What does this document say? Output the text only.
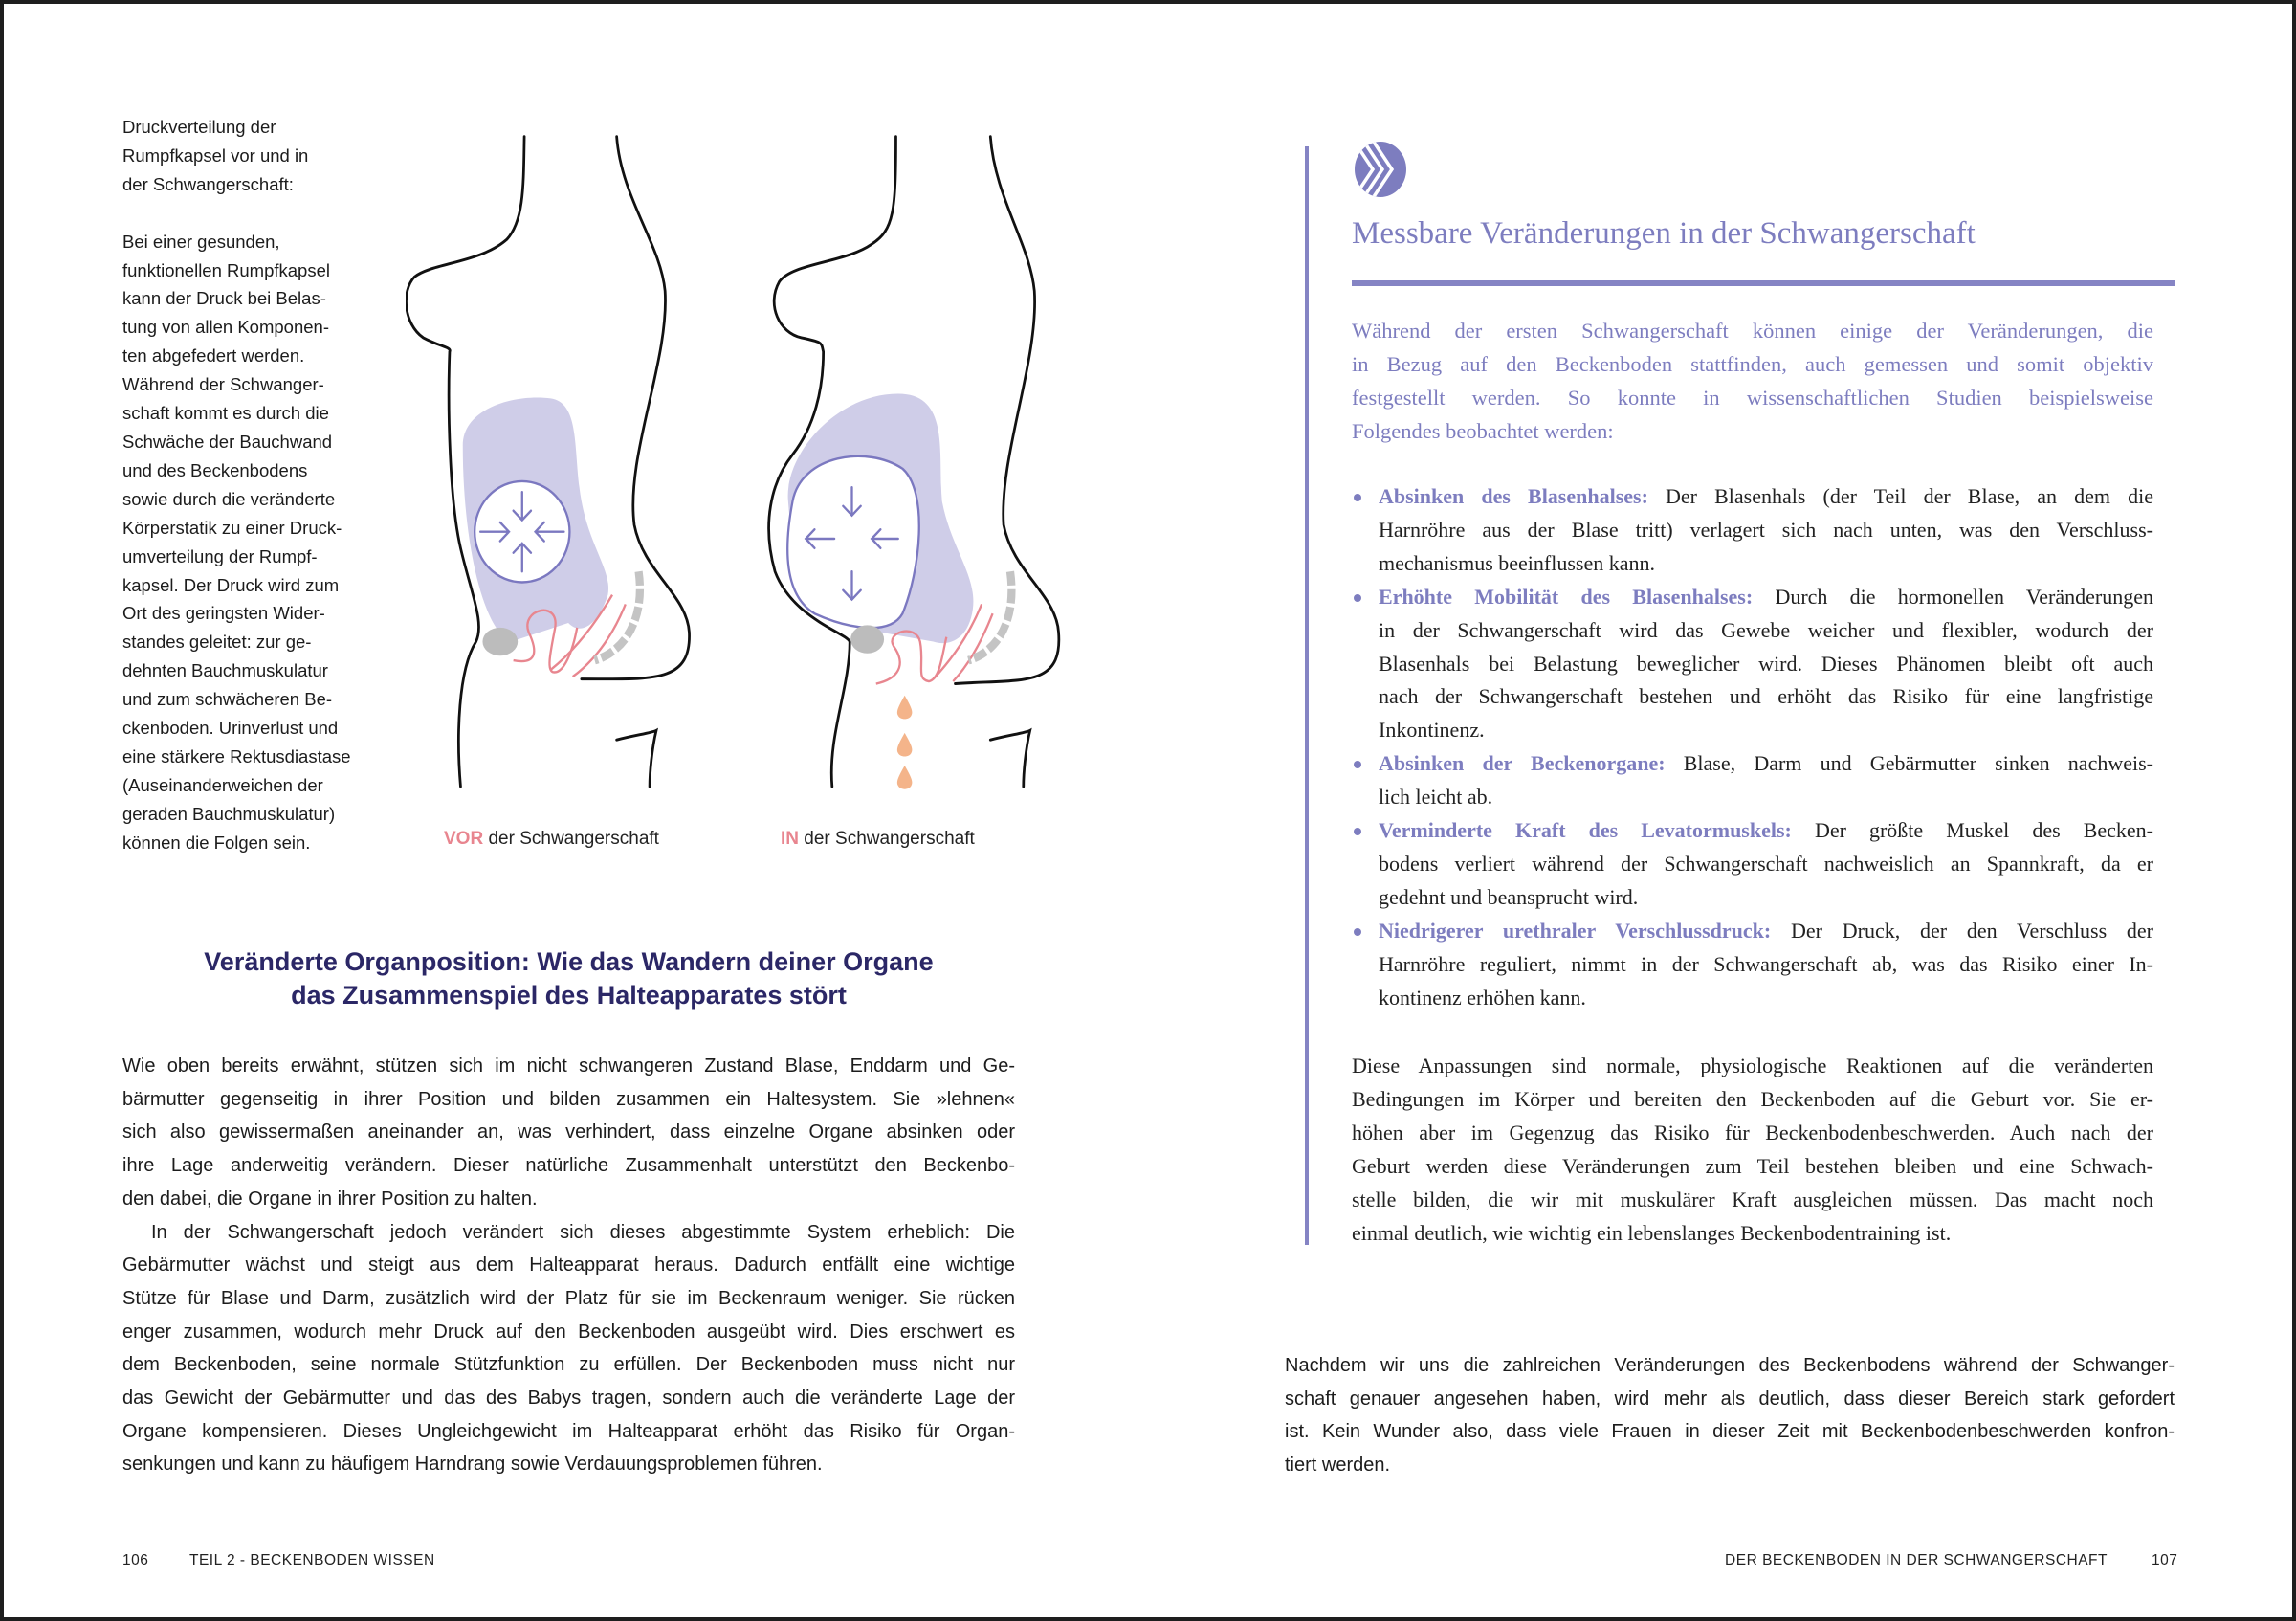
Druckverteilung der
Rumpfkapsel vor und in
der Schwangerschaft:

Bei einer gesunden,
funktionellen Rumpfkapsel
kann der Druck bei Belas-
tung von allen Komponen-
ten abgefedert werden.
Während der Schwanger-
schaft kommt es durch die
Schwäche der Bauchwand
und des Beckenbodens
sowie durch die veränderte
Körperstatik zu einer Druck-
umverteilung der Rumpf-
kapsel. Der Druck wird zum
Ort des geringsten Wider-
standes geleitet: zur ge-
dehnten Bauchmuskulatur
und zum schwächeren Be-
ckenboden. Urinverlust und
eine stärkere Rektusdiastase
(Auseinanderweichen der
geraden Bauchmuskulatur)
können die Folgen sein.	VOR der Schwangerschaft	IN der Schwangerschaft
Veränderte Organposition: Wie das Wandern deiner Organe
das Zusammenspiel des Halteapparates stört
Wie oben bereits erwähnt, stützen sich im nicht schwangeren Zustand Blase, Enddarm und Ge-
bärmutter gegenseitig in ihrer Position und bilden zusammen ein Haltesystem. Sie »lehnen«
sich also gewissermaßen aneinander an, was verhindert, dass einzelne Organe absinken oder
ihre Lage anderweitig verändern. Dieser natürliche Zusammenhalt unterstützt den Beckenbo-
den dabei, die Organe in ihrer Position zu halten.
In der Schwangerschaft jedoch verändert sich dieses abgestimmte System erheblich: Die
Gebärmutter wächst und steigt aus dem Halteapparat heraus. Dadurch entfällt eine wichtige
Stütze für Blase und Darm, zusätzlich wird der Platz für sie im Beckenraum weniger. Sie rücken
enger zusammen, wodurch mehr Druck auf den Beckenboden ausgeübt wird. Dies erschwert es
dem Beckenboden, seine normale Stützfunktion zu erfüllen. Der Beckenboden muss nicht nur
das Gewicht der Gebärmutter und das des Babys tragen, sondern auch die veränderte Lage der
Organe kompensieren. Dieses Ungleichgewicht im Halteapparat erhöht das Risiko für Organ-
senkungen und kann zu häufigem Harndrang sowie Verdauungsproblemen führen.
Messbare Veränderungen in der Schwangerschaft
Während der ersten Schwangerschaft können einige der Veränderungen, die
in Bezug auf den Beckenboden stattfinden, auch gemessen und somit objektiv
festgestellt werden. So konnte in wissenschaftlichen Studien beispielsweise
Folgendes beobachtet werden:
Absinken des Blasenhalses: Der Blasenhals (der Teil der Blase, an dem die
Harnröhre aus der Blase tritt) verlagert sich nach unten, was den Verschluss-
mechanismus beeinflussen kann.
Erhöhte Mobilität des Blasenhalses: Durch die hormonellen Veränderungen
in der Schwangerschaft wird das Gewebe weicher und flexibler, wodurch der
Blasenhals bei Belastung beweglicher wird. Dieses Phänomen bleibt oft auch
nach der Schwangerschaft bestehen und erhöht das Risiko für eine langfristige
Inkontinenz.
Absinken der Beckenorgane: Blase, Darm und Gebärmutter sinken nachweis-
lich leicht ab.
Verminderte Kraft des Levatormuskels: Der größte Muskel des Becken-
bodens verliert während der Schwangerschaft nachweislich an Spannkraft, da er
gedehnt und beansprucht wird.
Niedrigerer urethraler Verschlussdruck: Der Druck, der den Verschluss der
Harnröhre reguliert, nimmt in der Schwangerschaft ab, was das Risiko einer In-
kontinenz erhöhen kann.
Diese Anpassungen sind normale, physiologische Reaktionen auf die veränderten
Bedingungen im Körper und bereiten den Beckenboden auf die Geburt vor. Sie er-
höhen aber im Gegenzug das Risiko für Beckenbodenbeschwerden. Auch nach der
Geburt werden diese Veränderungen zum Teil bestehen bleiben und eine Schwach-
stelle bilden, die wir mit muskulärer Kraft ausgleichen müssen. Das macht noch
einmal deutlich, wie wichtig ein lebenslanges Beckenbodentraining ist.
Nachdem wir uns die zahlreichen Veränderungen des Beckenbodens während der Schwanger-
schaft genauer angesehen haben, wird mehr als deutlich, dass dieser Bereich stark gefordert
ist. Kein Wunder also, dass viele Frauen in dieser Zeit mit Beckenbodenbeschwerden konfron-
tiert werden.
106	TEIL 2 - BECKENBODEN WISSEN	DER BECKENBODEN IN DER SCHWANGERSCHAFT	107
